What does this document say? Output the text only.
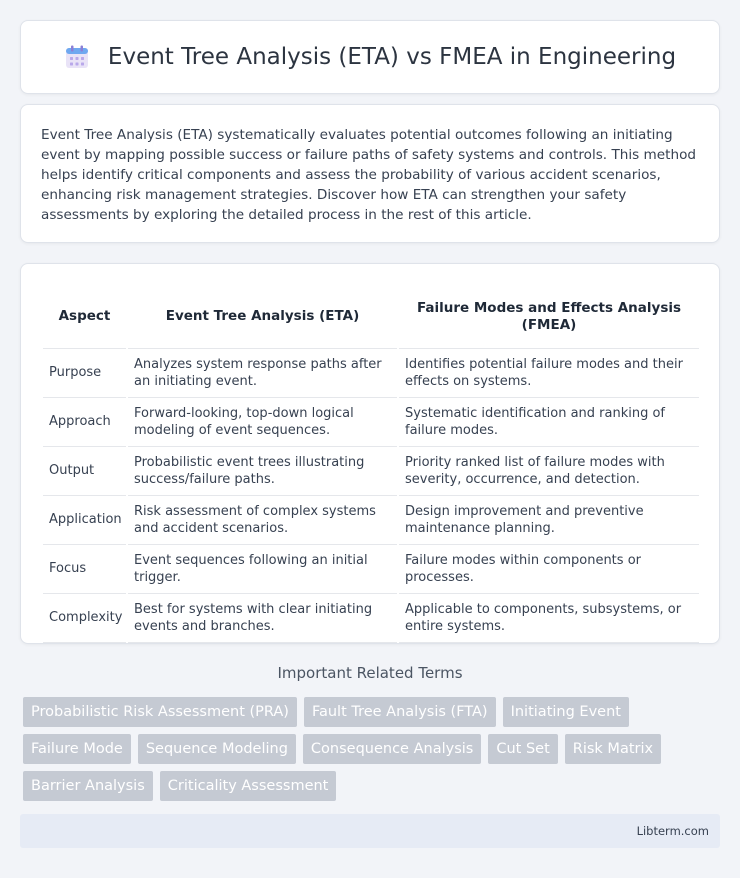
Event Tree Analysis (ETA) vs FMEA in Engineering

Event Tree Analysis (ETA) systematically evaluates potential outcomes following an initiating event by mapping possible success or failure paths of safety systems and controls. This method helps identify critical components and assess the probability of various accident scenarios, enhancing risk management strategies. Discover how ETA can strengthen your safety assessments by exploring the detailed process in the rest of this article.

Aspect	Event Tree Analysis (ETA)	Failure Modes and Effects Analysis (FMEA)
Purpose	Analyzes system response paths after an initiating event.	Identifies potential failure modes and their effects on systems.
Approach	Forward-looking, top-down logical modeling of event sequences.	Systematic identification and ranking of failure modes.
Output	Probabilistic event trees illustrating success/failure paths.	Priority ranked list of failure modes with severity, occurrence, and detection.
Application	Risk assessment of complex systems and accident scenarios.	Design improvement and preventive maintenance planning.
Focus	Event sequences following an initial trigger.	Failure modes within components or processes.
Complexity	Best for systems with clear initiating events and branches.	Applicable to components, subsystems, or entire systems.
Important Related Terms
Probabilistic Risk Assessment (PRA)	Fault Tree Analysis (FTA)	Initiating Event
Failure Mode	Sequence Modeling	Consequence Analysis	Cut Set	Risk Matrix
Barrier Analysis	Criticality Assessment
Libterm.com
